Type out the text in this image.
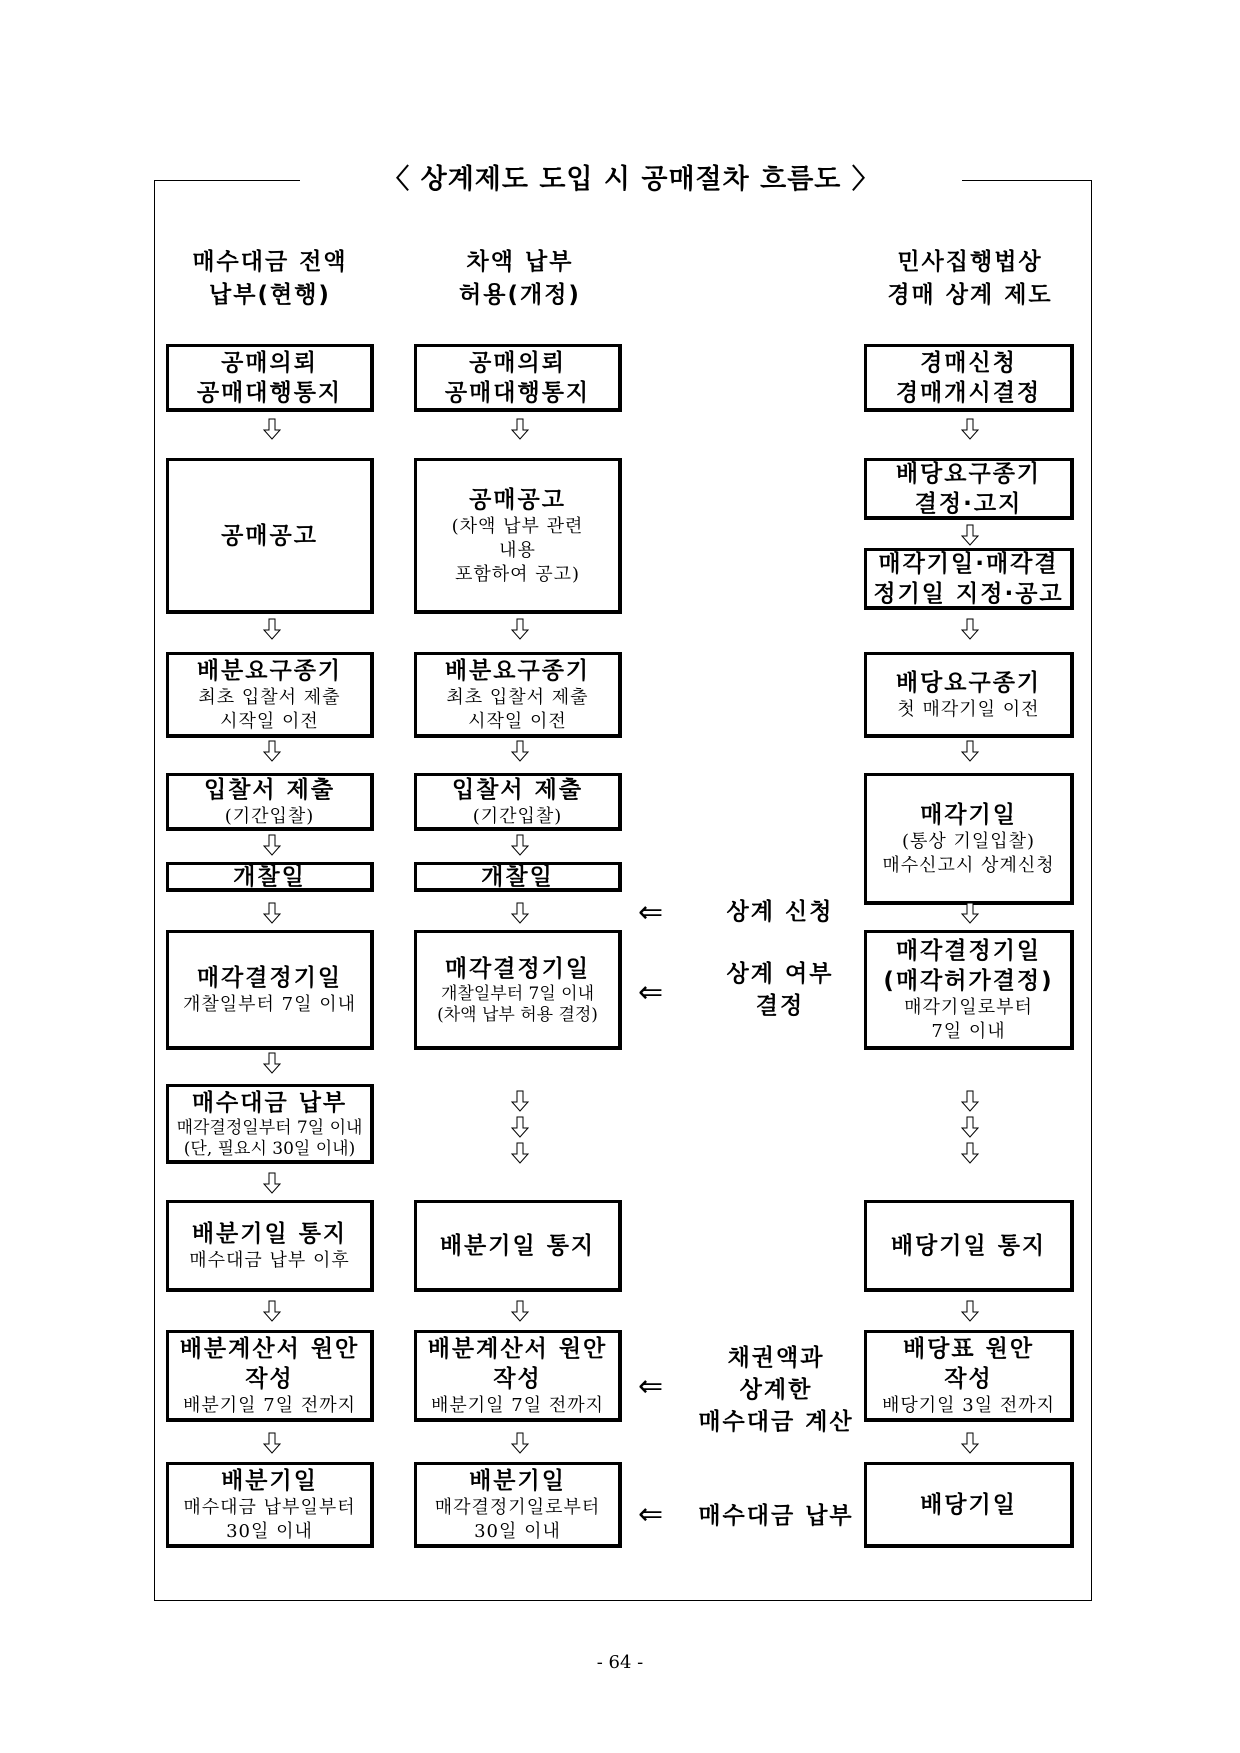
〈 상계제도 도입 시 공매절차 흐름도 〉
매수대금 전액
납부(현행)
차액 납부
허용(개정)
민사집행법상
경매 상계 제도
공매의뢰
공매대행통지
공매공고
배분요구종기
최초 입찰서 제출
시작일 이전
입찰서 제출
(기간입찰)
개찰일
매각결정기일
개찰일부터 7일 이내
매수대금 납부
매각결정일부터 7일 이내
(단, 필요시 30일 이내)
배분기일 통지
매수대금 납부 이후
배분계산서 원안
작성
배분기일 7일 전까지
배분기일
매수대금 납부일부터
30일 이내
공매의뢰
공매대행통지
공매공고
(차액 납부 관련
내용
포함하여 공고)
배분요구종기
최초 입찰서 제출
시작일 이전
입찰서 제출
(기간입찰)
개찰일
매각결정기일
개찰일부터 7일 이내
(차액 납부 허용 결정)
배분기일 통지
배분계산서 원안
작성
배분기일 7일 전까지
배분기일
매각결정기일로부터
30일 이내
경매신청
경매개시결정
배당요구종기
결정·고지
매각기일·매각결
정기일 지정·공고
배당요구종기
첫 매각기일 이전
매각기일
(통상 기일입찰)
매수신고시 상계신청
매각결정기일
(매각허가결정)
매각기일로부터
7일 이내
배당기일 통지
배당표 원안
작성
배당기일 3일 전까지
배당기일
⇐	상계 신청
⇐
상계 여부
결정
⇐
채권액과
상계한
매수대금 계산
⇐	매수대금 납부
- 64 -
